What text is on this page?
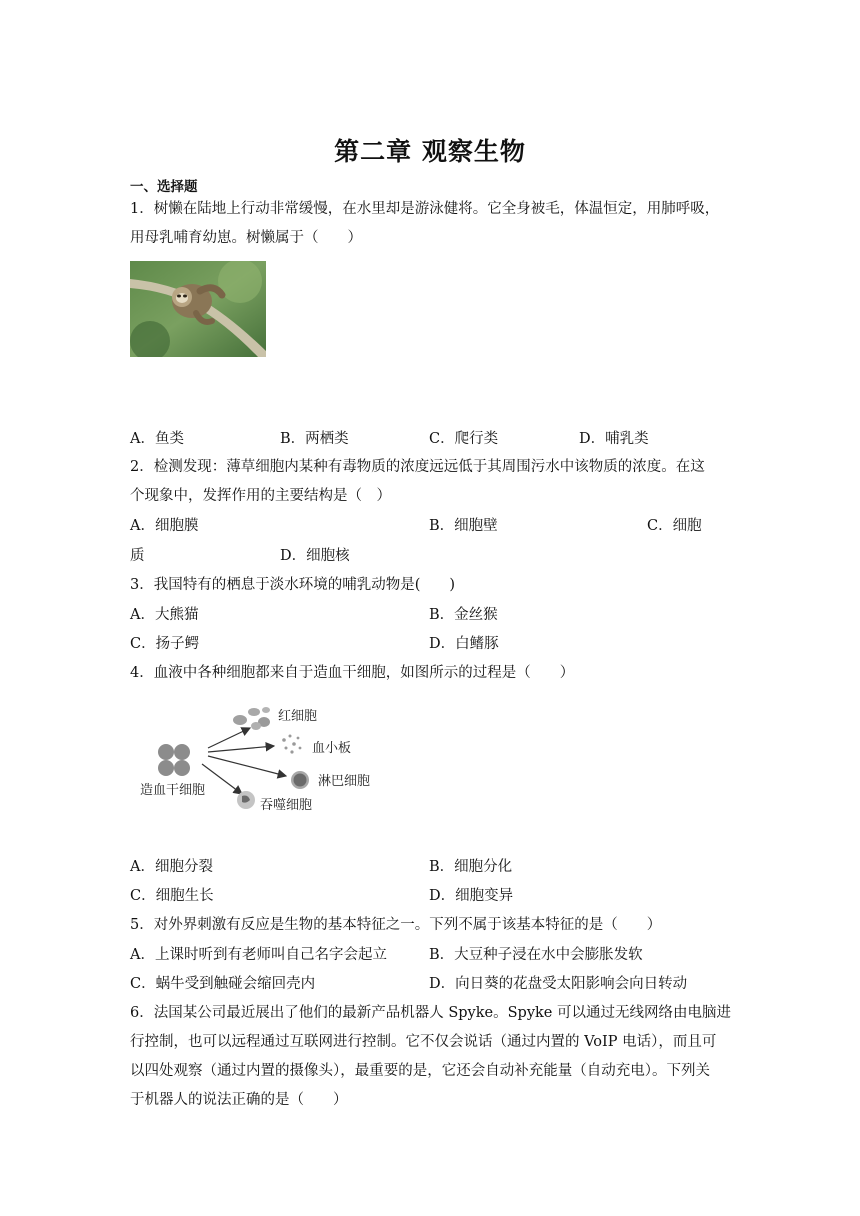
第二章 观察生物
一、选择题
1．树懒在陆地上行动非常缓慢，在水里却是游泳健将。它全身被毛，体温恒定，用肺呼吸，
用母乳哺育幼崽。树懒属于（　　）
A．鱼类	B．两栖类	C．爬行类	D．哺乳类
2．检测发现：薄草细胞内某种有毒物质的浓度远远低于其周围污水中该物质的浓度。在这
个现象中，发挥作用的主要结构是（　）
A．细胞膜	B．细胞壁	C．细胞
质	D．细胞核
3．我国特有的栖息于淡水环境的哺乳动物是(　　)
A．大熊猫	B．金丝猴
C．扬子鳄	D．白鳍豚
4．血液中各种细胞都来自于造血干细胞，如图所示的过程是（　　）
造血干细胞
红细胞
血小板
淋巴细胞
吞噬细胞
A．细胞分裂	B．细胞分化
C．细胞生长	D．细胞变异
5．对外界刺激有反应是生物的基本特征之一。下列不属于该基本特征的是（　　）
A．上课时听到有老师叫自己名字会起立	B．大豆种子浸在水中会膨胀发软
C．蜗牛受到触碰会缩回壳内	D．向日葵的花盘受太阳影响会向日转动
6．法国某公司最近展出了他们的最新产品机器人 Spyke。Spyke 可以通过无线网络由电脑进
行控制，也可以远程通过互联网进行控制。它不仅会说话（通过内置的 VoIP 电话），而且可
以四处观察（通过内置的摄像头），最重要的是，它还会自动补充能量（自动充电）。下列关
于机器人的说法正确的是（　　）
